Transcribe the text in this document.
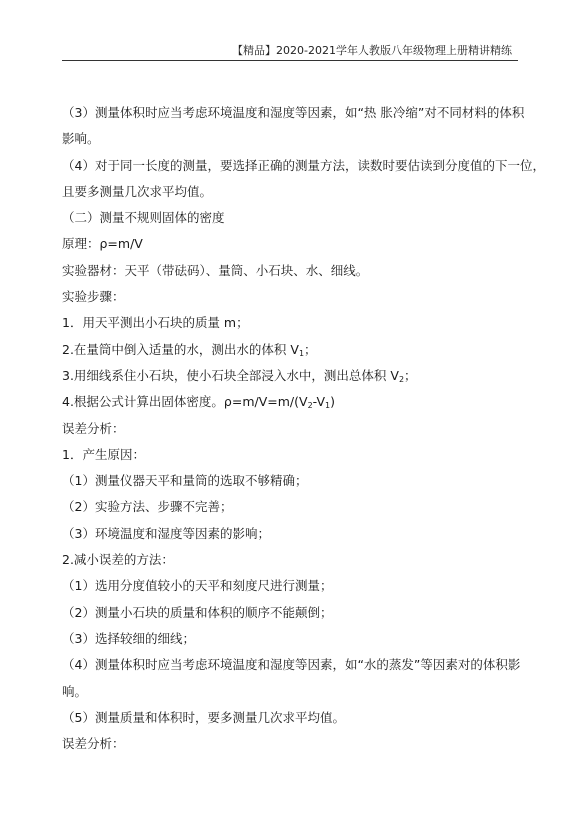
【精品】2020-2021学年人教版八年级物理上册精讲精练
（3）测量体积时应当考虑环境温度和湿度等因素，如“热 胀冷缩”对不同材料的体积
影响。
（4）对于同一长度的测量，要选择正确的测量方法，读数时要估读到分度值的下一位，
且要多测量几次求平均值。
（二）测量不规则固体的密度
原理：ρ=m/V
实验器材：天平（带砝码）、量筒、小石块、水、细线。
实验步骤：
1．用天平测出小石块的质量 m；
2.在量筒中倒入适量的水，测出水的体积 $V_1$；
3.用细线系住小石块，使小石块全部浸入水中，测出总体积 $V_2$；
4.根据公式计算出固体密度。$\rho=m/V=m/(V_2-V_1)$
误差分析：
1．产生原因：
（1）测量仪器天平和量筒的选取不够精确；
（2）实验方法、步骤不完善；
（3）环境温度和湿度等因素的影响；
2.减小误差的方法：
（1）选用分度值较小的天平和刻度尺进行测量；
（2）测量小石块的质量和体积的顺序不能颠倒；
（3）选择较细的细线；
（4）测量体积时应当考虑环境温度和湿度等因素，如“水的蒸发”等因素对的体积影
响。
（5）测量质量和体积时，要多测量几次求平均值。
误差分析：
